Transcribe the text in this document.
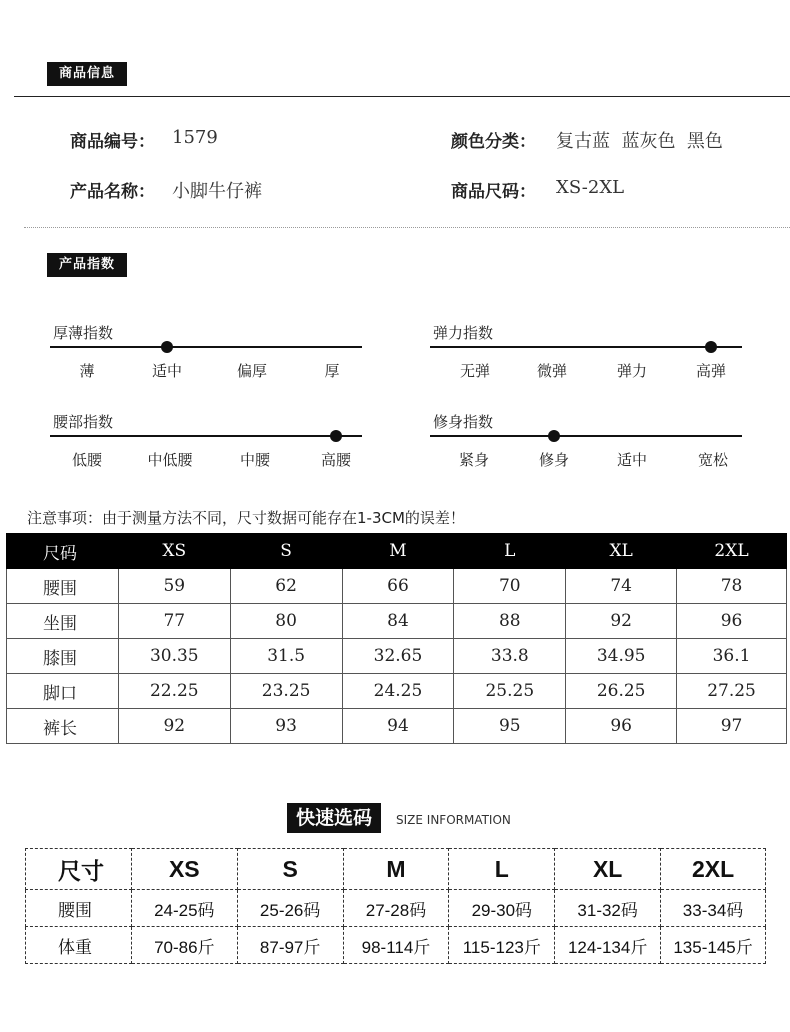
商品信息
商品编号： 1579	颜色分类： 复古蓝  蓝灰色  黑色
产品名称： 小脚牛仔裤	商品尺码： XS-2XL
产品指数
厚薄指数
薄	适中	偏厚	厚
弹力指数
无弹	微弹	弹力	高弹
腰部指数
低腰	中低腰	中腰	高腰
修身指数
紧身	修身	适中	宽松
注意事项：由于测量方法不同，尺寸数据可能存在1-3CM的误差！
尺码	XS	S	M	L	XL	2XL
腰围	59	62	66	70	74	78
坐围	77	80	84	88	92	96
膝围	30.35	31.5	32.65	33.8	34.95	36.1
脚口	22.25	23.25	24.25	25.25	26.25	27.25
裤长	92	93	94	95	96	97
快速选码	SIZE INFORMATION
尺寸	XS	S	M	L	XL	2XL
腰围	24-25码	25-26码	27-28码	29-30码	31-32码	33-34码
体重	70-86斤	87-97斤	98-114斤	115-123斤	124-134斤	135-145斤
